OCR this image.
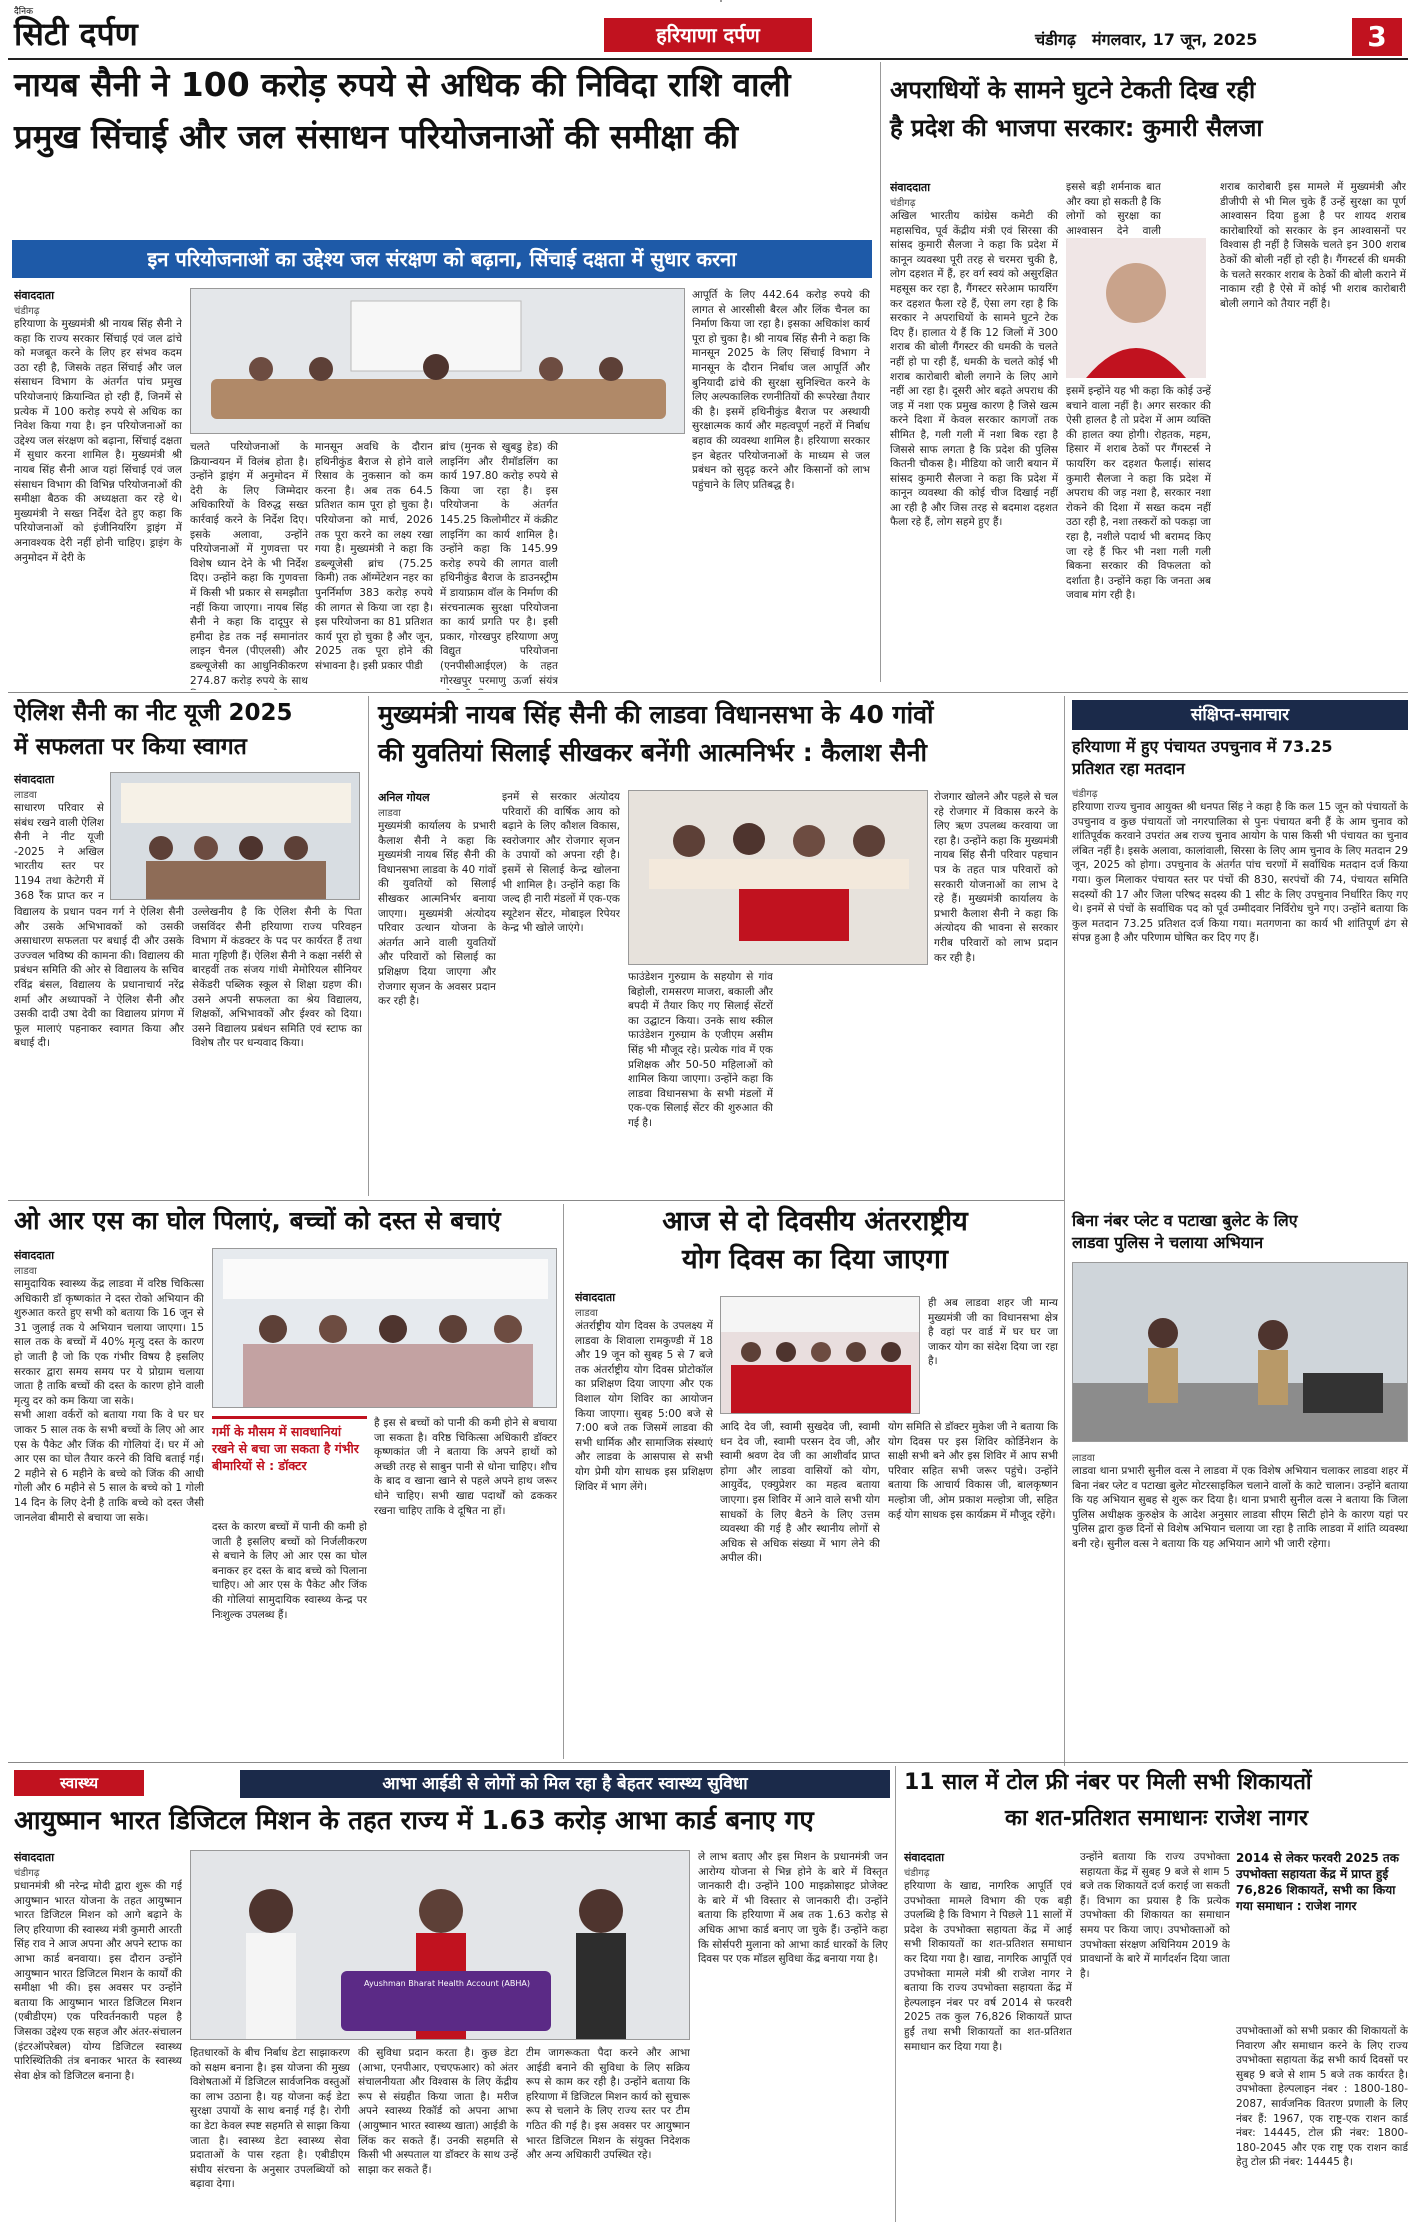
दैनिक
सिटी दर्पण	हरियाणा दर्पण	चंडीगढ़ मंगलवार, 17 जून, 2025	3
नायब सैनी ने 100 करोड़ रुपये से अधिक की निविदा राशि वाली
प्रमुख सिंचाई और जल संसाधन परियोजनाओं की समीक्षा की
इन परियोजनाओं का उद्देश्य जल संरक्षण को बढ़ाना, सिंचाई दक्षता में सुधार करना
संवाददाता
चंडीगढ़
हरियाणा के मुख्यमंत्री श्री नायब सिंह सैनी ने कहा कि राज्य सरकार सिंचाई एवं जल ढांचे को मजबूत करने के लिए हर संभव कदम उठा रही है, जिसके तहत सिंचाई और जल संसाधन विभाग के अंतर्गत पांच प्रमुख परियोजनाएं क्रियान्वित हो रही हैं, जिनमें से प्रत्येक में 100 करोड़ रुपये से अधिक का निवेश किया गया है। इन परियोजनाओं का उद्देश्य जल संरक्षण को बढ़ाना, सिंचाई दक्षता में सुधार करना शामिल है। मुख्यमंत्री श्री नायब सिंह सैनी आज यहां सिंचाई एवं जल संसाधन विभाग की विभिन्न परियोजनाओं की समीक्षा बैठक की अध्यक्षता कर रहे थे। मुख्यमंत्री ने सख्त निर्देश देते हुए कहा कि परियोजनाओं को इंजीनियरिंग ड्राइंग में अनावश्यक देरी नहीं होनी चाहिए। ड्राइंग के अनुमोदन में देरी के
चलते परियोजनाओं के क्रियान्वयन में विलंब होता है। उन्होंने ड्राइंग में अनुमोदन में देरी के लिए जिम्मेदार अधिकारियों के विरुद्ध सख्त कार्रवाई करने के निर्देश दिए। इसके अलावा, उन्होंने परियोजनाओं में गुणवत्ता पर विशेष ध्यान देने के भी निर्देश दिए। उन्होंने कहा कि गुणवत्ता में किसी भी प्रकार से समझौता नहीं किया जाएगा। नायब सिंह सैनी ने कहा कि दादूपुर से हमीदा हेड तक नई समानांतर लाइन चैनल (पीएलसी) और डब्ल्यूजेसी का आधुनिकीकरण 274.87 करोड़ रुपये के साथ
मानसून अवधि के दौरान हथिनीकुंड बैराज से होने वाले रिसाव के नुकसान को कम करना है। अब तक 64.5 प्रतिशत काम पूरा हो चुका है। परियोजना को मार्च, 2026 तक पूरा करने का लक्ष्य रखा गया है। मुख्यमंत्री ने कहा कि डब्ल्यूजेसी ब्रांच (75.25 किमी) तक ऑग्मेंटेशन नहर का पुनर्निर्माण 383 करोड़ रुपये की लागत से किया जा रहा है। इस परियोजना का 81 प्रतिशत कार्य पूरा हो चुका है और जून, 2025 तक पूरा होने की संभावना है। इसी प्रकार पीडी
ब्रांच (मुनक से खुबडु हेड) की लाइनिंग और रीमॉडलिंग का कार्य 197.80 करोड़ रुपये से किया जा रहा है। इस परियोजना के अंतर्गत 145.25 किलोमीटर में कंक्रीट लाइनिंग का कार्य शामिल है। उन्होंने कहा कि 145.99 करोड़ रुपये की लागत वाली हथिनीकुंड बैराज के डाउनस्ट्रीम में डायाफ्राम वॉल के निर्माण की संरचनात्मक सुरक्षा परियोजना का कार्य प्रगति पर है। इसी प्रकार, गोरखपुर हरियाणा अणु विद्युत परियोजना (एनपीसीआईएल) के तहत गोरखपुर परमाणु ऊर्जा संयंत्र
आपूर्ति के लिए 442.64 करोड़ रुपये की लागत से आरसीसी बैरल और लिंक चैनल का निर्माण किया जा रहा है। इसका अधिकांश कार्य पूरा हो चुका है। श्री नायब सिंह सैनी ने कहा कि मानसून 2025 के लिए सिंचाई विभाग ने मानसून के दौरान निर्बाध जल आपूर्ति और बुनियादी ढांचे की सुरक्षा सुनिश्चित करने के लिए अल्पकालिक रणनीतियों की रूपरेखा तैयार की है। इसमें हथिनीकुंड बैराज पर अस्थायी सुरक्षात्मक कार्य और महत्वपूर्ण नहरों में निर्बाध बहाव की व्यवस्था शामिल है। हरियाणा सरकार इन बेहतर परियोजनाओं के माध्यम से जल प्रबंधन को सुदृढ़ करने और किसानों को लाभ पहुंचाने के लिए प्रतिबद्ध है।
अपराधियों के सामने घुटने टेकती दिख रही
है प्रदेश की भाजपा सरकार: कुमारी सैलजा
संवाददाता
चंडीगढ़
अखिल भारतीय कांग्रेस कमेटी की महासचिव, पूर्व केंद्रीय मंत्री एवं सिरसा की सांसद कुमारी सैलजा ने कहा कि प्रदेश में कानून व्यवस्था पूरी तरह से चरमरा चुकी है, लोग दहशत में हैं, हर वर्ग स्वयं को असुरक्षित महसूस कर रहा है, गैंगस्टर सरेआम फायरिंग कर दहशत फैला रहे हैं, ऐसा लग रहा है कि सरकार ने अपराधियों के सामने घुटने टेक दिए हैं। हालात ये हैं कि 12 जिलों में 300 शराब की बोली गैंगस्टर की धमकी के चलते नहीं हो पा रही हैं, धमकी के चलते कोई भी शराब कारोबारी बोली लगाने के लिए आगे नहीं आ रहा है। दूसरी ओर बढ़ते अपराध की जड़ में नशा एक प्रमुख कारण है जिसे खत्म करने दिशा में केवल सरकार कागजों तक सीमित है, गली गली में नशा बिक रहा है जिससे साफ लगता है कि प्रदेश की पुलिस कितनी चौकस है। मीडिया को जारी बयान में सांसद कुमारी सैलजा ने कहा कि प्रदेश में कानून व्यवस्था की कोई चीज दिखाई नहीं आ रही है और जिस तरह से बदमाश दहशत फैला रहे हैं, लोग सहमे हुए हैं।
इससे बड़ी शर्मनाक बात और क्या हो सकती है कि लोगों को सुरक्षा का आश्वासन देने वाली
इसमें इन्होंने यह भी कहा कि कोई उन्हें बचाने वाला नहीं है। अगर सरकार की ऐसी हालत है तो प्रदेश में आम व्यक्ति की हालत क्या होगी। रोहतक, महम, हिसार में शराब ठेकों पर गैंगस्टर्स ने फायरिंग कर दहशत फैलाई। सांसद कुमारी सैलजा ने कहा कि प्रदेश में अपराध की जड़ नशा है, सरकार नशा रोकने की दिशा में सख्त कदम नहीं उठा रही है, नशा तस्करों को पकड़ा जा रहा है, नशीले पदार्थ भी बरामद किए जा रहे हैं फिर भी नशा गली गली बिकना सरकार की विफलता को दर्शाता है। उन्होंने कहा कि जनता अब जवाब मांग रही है।
शराब कारोबारी इस मामले में मुख्यमंत्री और डीजीपी से भी मिल चुके हैं उन्हें सुरक्षा का पूर्ण आश्वासन दिया हुआ है पर शायद शराब कारोबारियों को सरकार के इन आश्वासनों पर विश्वास ही नहीं है जिसके चलते इन 300 शराब ठेकों की बोली नहीं हो रही है। गैंगस्टर्स की धमकी के चलते सरकार शराब के ठेकों की बोली कराने में नाकाम रही है ऐसे में कोई भी शराब कारोबारी बोली लगाने को तैयार नहीं है।
ऐलिश सैनी का नीट यूजी 2025
में सफलता पर किया स्वागत
संवाददाता
लाडवा
साधारण परिवार से संबंध रखने वाली ऐलिश सैनी ने नीट यूजी -2025 ने अखिल भारतीय स्तर पर 1194 तथा केटेगरी में 368 रैंक प्राप्त कर न
विद्यालय के प्रधान पवन गर्ग ने ऐलिश सैनी और उसके अभिभावकों को उसकी असाधारण सफलता पर बधाई दी और उसके उज्ज्वल भविष्य की कामना की। विद्यालय की प्रबंधन समिति की ओर से विद्यालय के सचिव रविंद्र बंसल, विद्यालय के प्रधानाचार्य नरेंद्र शर्मा और अध्यापकों ने ऐलिश सैनी और उसकी दादी उषा देवी का विद्यालय प्रांगण में फूल मालाएं पहनाकर स्वागत किया और बधाई दी।
उल्लेखनीय है कि ऐलिश सैनी के पिता जसविंदर सैनी हरियाणा राज्य परिवहन विभाग में कंडक्टर के पद पर कार्यरत हैं तथा माता गृहिणी हैं। ऐलिश सैनी ने कक्षा नर्सरी से बारहवीं तक संजय गांधी मेमोरियल सीनियर सेकेंडरी पब्लिक स्कूल से शिक्षा ग्रहण की। उसने अपनी सफलता का श्रेय विद्यालय, शिक्षकों, अभिभावकों और ईश्वर को दिया। उसने विद्यालय प्रबंधन समिति एवं स्टाफ का विशेष तौर पर धन्यवाद किया।
मुख्यमंत्री नायब सिंह सैनी की लाडवा विधानसभा के 40 गांवों
की युवतियां सिलाई सीखकर बनेंगी आत्मनिर्भर : कैलाश सैनी
अनिल गोयल
लाडवा
मुख्यमंत्री कार्यालय के प्रभारी कैलाश सैनी ने कहा कि मुख्यमंत्री नायब सिंह सैनी की विधानसभा लाडवा के 40 गांवों की युवतियों को सिलाई सीखकर आत्मनिर्भर बनाया जाएगा। मुख्यमंत्री अंत्योदय परिवार उत्थान योजना के अंतर्गत आने वाली युवतियों और परिवारों को सिलाई का प्रशिक्षण दिया जाएगा और रोजगार सृजन के अवसर प्रदान कर रही है।
इनमें से सरकार अंत्योदय परिवारों की वार्षिक आय को बढ़ाने के लिए कौशल विकास, स्वरोजगार और रोजगार सृजन के उपायों को अपना रही है। इसमें से सिलाई केन्द्र खोलना भी शामिल है। उन्होंने कहा कि जल्द ही नारी मंडलों में एक-एक स्यूटेशन सेंटर, मोबाइल रिपेयर केन्द्र भी खोले जाएंगे।
फाउंडेशन गुरुग्राम के सहयोग से गांव बिहोली, रामसरण माजरा, बकाली और बपदी में तैयार किए गए सिलाई सेंटरों का उद्घाटन किया। उनके साथ स्कील फाउंडेशन गुरुग्राम के एजीएम असीम सिंह भी मौजूद रहे। प्रत्येक गांव में एक प्रशिक्षक और 50-50 महिलाओं को शामिल किया जाएगा। उन्होंने कहा कि लाडवा विधानसभा के सभी मंडलों में एक-एक सिलाई सेंटर की शुरुआत की गई है।
रोजगार खोलने और पहले से चल रहे रोजगार में विकास करने के लिए ऋण उपलब्ध करवाया जा रहा है। उन्होंने कहा कि मुख्यमंत्री नायब सिंह सैनी परिवार पहचान पत्र के तहत पात्र परिवारों को सरकारी योजनाओं का लाभ दे रहे हैं। मुख्यमंत्री कार्यालय के प्रभारी कैलाश सैनी ने कहा कि अंत्योदय की भावना से सरकार गरीब परिवारों को लाभ प्रदान कर रही है।
संक्षिप्त-समाचार
हरियाणा में हुए पंचायत उपचुनाव में 73.25
प्रतिशत रहा मतदान
चंडीगढ़
हरियाणा राज्य चुनाव आयुक्त श्री धनपत सिंह ने कहा है कि कल 15 जून को पंचायतों के उपचुनाव व कुछ पंचायतों जो नगरपालिका से पुनः पंचायत बनी हैं के आम चुनाव को शांतिपूर्वक करवाने उपरांत अब राज्य चुनाव आयोग के पास किसी भी पंचायत का चुनाव लंबित नहीं है। इसके अलावा, कालांवाली, सिरसा के लिए आम चुनाव के लिए मतदान 29 जून, 2025 को होगा। उपचुनाव के अंतर्गत पांच चरणों में सर्वाधिक मतदान दर्ज किया गया। कुल मिलाकर पंचायत स्तर पर पंचों की 830, सरपंचों की 74, पंचायत समिति सदस्यों की 17 और जिला परिषद सदस्य की 1 सीट के लिए उपचुनाव निर्धारित किए गए थे। इनमें से पंचों के सर्वाधिक पद को पूर्व उम्मीदवार निर्विरोध चुने गए। उन्होंने बताया कि कुल मतदान 73.25 प्रतिशत दर्ज किया गया। मतगणना का कार्य भी शांतिपूर्ण ढंग से संपन्न हुआ है और परिणाम घोषित कर दिए गए हैं।
बिना नंबर प्लेट व पटाखा बुलेट के लिए
लाडवा पुलिस ने चलाया अभियान
लाडवा
लाडवा थाना प्रभारी सुनील वत्स ने लाडवा में एक विशेष अभियान चलाकर लाडवा शहर में बिना नंबर प्लेट व पटाखा बुलेट मोटरसाइकिल चलाने वालों के काटे चालान। उन्होंने बताया कि यह अभियान सुबह से शुरू कर दिया है। थाना प्रभारी सुनील वत्स ने बताया कि जिला पुलिस अधीक्षक कुरुक्षेत्र के आदेश अनुसार लाडवा सीएम सिटी होने के कारण यहां पर पुलिस द्वारा कुछ दिनों से विशेष अभियान चलाया जा रहा है ताकि लाडवा में शांति व्यवस्था बनी रहे। सुनील वत्स ने बताया कि यह अभियान आगे भी जारी रहेगा।
ओ आर एस का घोल पिलाएं, बच्चों को दस्त से बचाएं
संवाददाता
लाडवा
सामुदायिक स्वास्थ्य केंद्र लाडवा में वरिष्ठ चिकित्सा अधिकारी डॉ कृष्णकांत ने दस्त रोको अभियान की शुरुआत करते हुए सभी को बताया कि 16 जून से 31 जुलाई तक ये अभियान चलाया जाएगा। 15 साल तक के बच्चों में 40% मृत्यु दस्त के कारण हो जाती है जो कि एक गंभीर विषय है इसलिए सरकार द्वारा समय समय पर ये प्रोग्राम चलाया जाता है ताकि बच्चों की दस्त के कारण होने वाली मृत्यु दर को कम किया जा सके।
सभी आशा वर्करों को बताया गया कि वे घर घर जाकर 5 साल तक के सभी बच्चों के लिए ओ आर एस के पैकेट और जिंक की गोलियां दें। घर में ओ आर एस का घोल तैयार करने की विधि बताई गई। 2 महीने से 6 महीने के बच्चे को जिंक की आधी गोली और 6 महीने से 5 साल के बच्चे को 1 गोली 14 दिन के लिए देनी है ताकि बच्चे को दस्त जैसी जानलेवा बीमारी से बचाया जा सके।
गर्मी के मौसम में सावधानियां रखने से बचा जा सकता है गंभीर बीमारियों से : डॉक्टर
दस्त के कारण बच्चों में पानी की कमी हो जाती है इसलिए बच्चों को निर्जलीकरण से बचाने के लिए ओ आर एस का घोल बनाकर हर दस्त के बाद बच्चे को पिलाना चाहिए। ओ आर एस के पैकेट और जिंक की गोलियां सामुदायिक स्वास्थ्य केन्द्र पर निःशुल्क उपलब्ध हैं।
है इस से बच्चों को पानी की कमी होने से बचाया जा सकता है। वरिष्ठ चिकित्सा अधिकारी डॉक्टर कृष्णकांत जी ने बताया कि अपने हाथों को अच्छी तरह से साबुन पानी से धोना चाहिए। शौच के बाद व खाना खाने से पहले अपने हाथ जरूर धोने चाहिए। सभी खाद्य पदार्थों को ढककर रखना चाहिए ताकि वे दूषित ना हों।
आज से दो दिवसीय अंतरराष्ट्रीय
योग दिवस का दिया जाएगा
संवाददाता
लाडवा
अंतर्राष्ट्रीय योग दिवस के उपलक्ष्य में लाडवा के शिवाला रामकुण्डी में 18 और 19 जून को सुबह 5 से 7 बजे तक अंतर्राष्ट्रीय योग दिवस प्रोटोकॉल का प्रशिक्षण दिया जाएगा और एक विशाल योग शिविर का आयोजन किया जाएगा। सुबह 5:00 बजे से 7:00 बजे तक जिसमें लाडवा की सभी धार्मिक और सामाजिक संस्थाएं और लाडवा के आसपास से सभी योग प्रेमी योग साधक इस प्रशिक्षण शिविर में भाग लेंगे।
ही अब लाडवा शहर जी मान्य मुख्यमंत्री जी का विधानसभा क्षेत्र है वहां पर वार्ड में घर घर जा जाकर योग का संदेश दिया जा रहा है।
आदि देव जी, स्वामी सुखदेव जी, स्वामी धन देव जी, स्वामी परसन देव जी, और स्वामी श्रवण देव जी का आशीर्वाद प्राप्त होगा और लाडवा वासियों को योग, आयुर्वेद, एक्युप्रेशर का महत्व बताया जाएगा। इस शिविर में आने वाले सभी योग साधकों के लिए बैठने के लिए उत्तम व्यवस्था की गई है और स्थानीय लोगों से अधिक से अधिक संख्या में भाग लेने की अपील की।
योग समिति से डॉक्टर मुकेश जी ने बताया कि योग दिवस पर इस शिविर कोर्डिनेशन के साक्षी सभी बने और इस शिविर में आप सभी परिवार सहित सभी जरूर पहुंचे। उन्होंने बताया कि आचार्य विकास जी, बालकृष्णन मल्होत्रा जी, ओम प्रकाश मल्होत्रा जी, सहित कई योग साधक इस कार्यक्रम में मौजूद रहेंगे।
स्वास्थ्य	आभा आईडी से लोगों को मिल रहा है बेहतर स्वास्थ्य सुविधा
आयुष्मान भारत डिजिटल मिशन के तहत राज्य में 1.63 करोड़ आभा कार्ड बनाए गए
संवाददाता
चंडीगढ़
प्रधानमंत्री श्री नरेन्द्र मोदी द्वारा शुरू की गई आयुष्मान भारत योजना के तहत आयुष्मान भारत डिजिटल मिशन को आगे बढ़ाने के लिए हरियाणा की स्वास्थ्य मंत्री कुमारी आरती सिंह राव ने आज अपना और अपने स्टाफ का आभा कार्ड बनवाया। इस दौरान उन्होंने आयुष्मान भारत डिजिटल मिशन के कार्यों की समीक्षा भी की। इस अवसर पर उन्होंने बताया कि आयुष्मान भारत डिजिटल मिशन (एबीडीएम) एक परिवर्तनकारी पहल है जिसका उद्देश्य एक सहज और अंतर-संचालन (इंटरऑपरेबल) योग्य डिजिटल स्वास्थ्य पारिस्थितिकी तंत्र बनाकर भारत के स्वास्थ्य सेवा क्षेत्र को डिजिटल बनाना है।
Ayushman Bharat Health Account (ABHA)
हितधारकों के बीच निर्बाध डेटा साझाकरण को सक्षम बनाना है। इस योजना की मुख्य विशेषताओं में डिजिटल सार्वजनिक वस्तुओं का लाभ उठाना है। यह योजना कई डेटा सुरक्षा उपायों के साथ बनाई गई है। रोगी का डेटा केवल स्पष्ट सहमति से साझा किया जाता है। स्वास्थ्य डेटा स्वास्थ्य सेवा प्रदाताओं के पास रहता है। एबीडीएम संघीय संरचना के अनुसार उपलब्धियों को बढ़ावा देगा।
की सुविधा प्रदान करता है। कुछ डेटा (आभा, एनपीआर, एचएफआर) को अंतर संचालनीयता और विश्वास के लिए केंद्रीय रूप से संग्रहीत किया जाता है। मरीज अपने स्वास्थ्य रिकॉर्ड को अपना आभा (आयुष्मान भारत स्वास्थ्य खाता) आईडी के लिंक कर सकते हैं। उनकी सहमति से किसी भी अस्पताल या डॉक्टर के साथ उन्हें साझा कर सकते हैं।
टीम जागरूकता पैदा करने और आभा आईडी बनाने की सुविधा के लिए सक्रिय रूप से काम कर रही है। उन्होंने बताया कि हरियाणा में डिजिटल मिशन कार्य को सुचारू रूप से चलाने के लिए राज्य स्तर पर टीम गठित की गई है। इस अवसर पर आयुष्मान भारत डिजिटल मिशन के संयुक्त निदेशक और अन्य अधिकारी उपस्थित रहे।
ले लाभ बताए और इस मिशन के प्रधानमंत्री जन आरोग्य योजना से भिन्न होने के बारे में विस्तृत जानकारी दी। उन्होंने 100 माइक्रोसाइट प्रोजेक्ट के बारे में भी विस्तार से जानकारी दी। उन्होंने बताया कि हरियाणा में अब तक 1.63 करोड़ से अधिक आभा कार्ड बनाए जा चुके हैं। उन्होंने कहा कि सोर्सपरी मुलाना को आभा कार्ड धारकों के लिए दिवस पर एक मॉडल सुविधा केंद्र बनाया गया है।
11 साल में टोल फ्री नंबर पर मिली सभी शिकायतों
का शत-प्रतिशत समाधानः राजेश नागर
संवाददाता
चंडीगढ़
हरियाणा के खाद्य, नागरिक आपूर्ति एवं उपभोक्ता मामले विभाग की एक बड़ी उपलब्धि है कि विभाग ने पिछले 11 सालों में प्रदेश के उपभोक्ता सहायता केंद्र में आई सभी शिकायतों का शत-प्रतिशत समाधान कर दिया गया है। खाद्य, नागरिक आपूर्ति एवं उपभोक्ता मामले मंत्री श्री राजेश नागर ने बताया कि राज्य उपभोक्ता सहायता केंद्र में हेल्पलाइन नंबर पर वर्ष 2014 से फरवरी 2025 तक कुल 76,826 शिकायतें प्राप्त हुईं तथा सभी शिकायतों का शत-प्रतिशत समाधान कर दिया गया है।
उन्होंने बताया कि राज्य उपभोक्ता सहायता केंद्र में सुबह 9 बजे से शाम 5 बजे तक शिकायतें दर्ज कराई जा सकती हैं। विभाग का प्रयास है कि प्रत्येक उपभोक्ता की शिकायत का समाधान समय पर किया जाए। उपभोक्ताओं को उपभोक्ता संरक्षण अधिनियम 2019 के प्रावधानों के बारे में मार्गदर्शन दिया जाता है।
2014 से लेकर फरवरी 2025 तक उपभोक्ता सहायता केंद्र में प्राप्त हुई 76,826 शिकायतें, सभी का किया गया समाधान : राजेश नागर
उपभोक्ताओं को सभी प्रकार की शिकायतों के निवारण और समाधान करने के लिए राज्य उपभोक्ता सहायता केंद्र सभी कार्य दिवसों पर सुबह 9 बजे से शाम 5 बजे तक कार्यरत है। उपभोक्ता हेल्पलाइन नंबर : 1800-180-2087, सार्वजनिक वितरण प्रणाली के लिए नंबर हैं: 1967, एक राष्ट्र-एक राशन कार्ड नंबर: 14445, टोल फ्री नंबर: 1800-180-2045 और एक राष्ट्र एक राशन कार्ड हेतु टोल फ्री नंबर: 14445 है।
